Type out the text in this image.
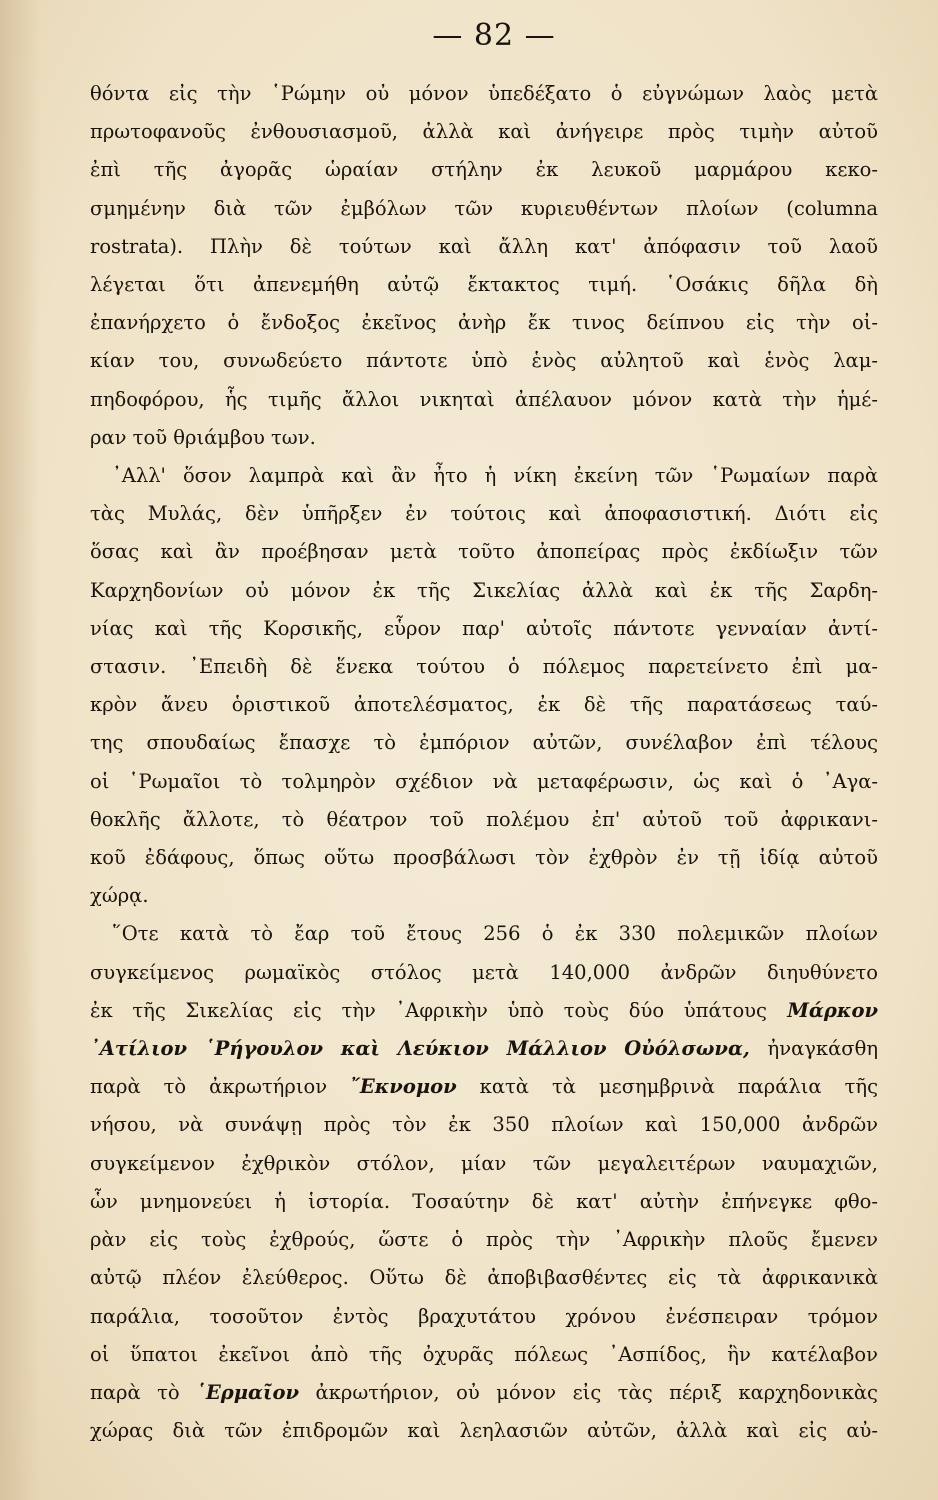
— 82 —
θόντα εἰς τὴν ῾Ρώμην οὐ μόνον ὑπεδέξατο ὁ εὐγνώμων λαὸς μετὰ
πρωτοφανοῦς ἐνθουσιασμοῦ, ἀλλὰ καὶ ἀνήγειρε πρὸς τιμὴν αὐτοῦ
ἐπὶ τῆς ἀγορᾶς ὡραίαν στήλην ἐκ λευκοῦ μαρμάρου κεκο-
σμημένην διὰ τῶν ἐμβόλων τῶν κυριευθέντων πλοίων (columna
rostrata). Πλὴν δὲ τούτων καὶ ἄλλη κατ' ἀπόφασιν τοῦ λαοῦ
λέγεται ὅτι ἀπενεμήθη αὐτῷ ἔκτακτος τιμή. ῾Οσάκις δῆλα δὴ
ἐπανήρχετο ὁ ἔνδοξος ἐκεῖνος ἀνὴρ ἔκ τινος δείπνου εἰς τὴν οἰ-
κίαν του, συνωδεύετο πάντοτε ὑπὸ ἑνὸς αὐλητοῦ καὶ ἑνὸς λαμ-
πηδοφόρου, ἧς τιμῆς ἄλλοι νικηταὶ ἀπέλαυον μόνον κατὰ τὴν ἡμέ-
ραν τοῦ θριάμβου των.
᾿Αλλ' ὅσον λαμπρὰ καὶ ἂν ἦτο ἡ νίκη ἐκείνη τῶν ῾Ρωμαίων παρὰ
τὰς Μυλάς, δὲν ὑπῆρξεν ἐν τούτοις καὶ ἀποφασιστική. Διότι εἰς
ὅσας καὶ ἂν προέβησαν μετὰ τοῦτο ἀποπείρας πρὸς ἐκδίωξιν τῶν
Καρχηδονίων οὐ μόνον ἐκ τῆς Σικελίας ἀλλὰ καὶ ἐκ τῆς Σαρδη-
νίας καὶ τῆς Κορσικῆς, εὗρον παρ' αὐτοῖς πάντοτε γενναίαν ἀντί-
στασιν. ᾿Επειδὴ δὲ ἕνεκα τούτου ὁ πόλεμος παρετείνετο ἐπὶ μα-
κρὸν ἄνευ ὁριστικοῦ ἀποτελέσματος, ἐκ δὲ τῆς παρατάσεως ταύ-
της σπουδαίως ἔπασχε τὸ ἐμπόριον αὐτῶν, συνέλαβον ἐπὶ τέλους
οἱ ῾Ρωμαῖοι τὸ τολμηρὸν σχέδιον νὰ μεταφέρωσιν, ὡς καὶ ὁ ᾿Αγα-
θοκλῆς ἄλλοτε, τὸ θέατρον τοῦ πολέμου ἐπ' αὐτοῦ τοῦ ἀφρικανι-
κοῦ ἐδάφους, ὅπως οὕτω προσβάλωσι τὸν ἐχθρὸν ἐν τῇ ἰδίᾳ αὐτοῦ
χώρᾳ.
῞Οτε κατὰ τὸ ἔαρ τοῦ ἔτους 256 ὁ ἐκ 330 πολεμικῶν πλοίων
συγκείμενος ρωμαϊκὸς στόλος μετὰ 140,000 ἀνδρῶν διηυθύνετο
ἐκ τῆς Σικελίας εἰς τὴν ᾿Αφρικὴν ὑπὸ τοὺς δύο ὑπάτους Μάρκον
᾿Ατίλιον ῾Ρήγουλον καὶ Λεύκιον Μάλλιον Οὐόλσωνα, ἠναγκάσθη
παρὰ τὸ ἀκρωτήριον ῎Εκνομον κατὰ τὰ μεσημβρινὰ παράλια τῆς
νήσου, νὰ συνάψῃ πρὸς τὸν ἐκ 350 πλοίων καὶ 150,000 ἀνδρῶν
συγκείμενον ἐχθρικὸν στόλον, μίαν τῶν μεγαλειτέρων ναυμαχιῶν,
ὧν μνημονεύει ἡ ἱστορία. Τοσαύτην δὲ κατ' αὐτὴν ἐπήνεγκε φθο-
ρὰν εἰς τοὺς ἐχθρούς, ὥστε ὁ πρὸς τὴν ᾿Αφρικὴν πλοῦς ἔμενεν
αὐτῷ πλέον ἐλεύθερος. Οὕτω δὲ ἀποβιβασθέντες εἰς τὰ ἀφρικανικὰ
παράλια, τοσοῦτον ἐντὸς βραχυτάτου χρόνου ἐνέσπειραν τρόμον
οἱ ὕπατοι ἐκεῖνοι ἀπὸ τῆς ὀχυρᾶς πόλεως ᾿Ασπίδος, ἣν κατέλαβον
παρὰ τὸ ῾Ερμαῖον ἀκρωτήριον, οὐ μόνον εἰς τὰς πέριξ καρχηδονικὰς
χώρας διὰ τῶν ἐπιδρομῶν καὶ λεηλασιῶν αὐτῶν, ἀλλὰ καὶ εἰς αὐ-
